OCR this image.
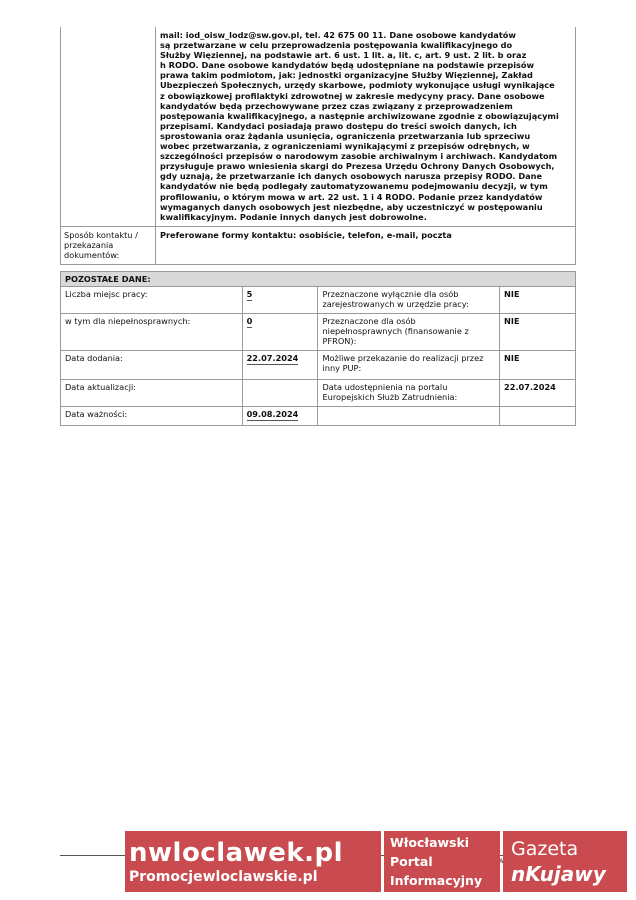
mail: iod_oisw_lodz@sw.gov.pl, tel. 42 675 00 11. Dane osobowe kandydatów
są przetwarzane w celu przeprowadzenia postępowania kwalifikacyjnego do
Służby Więziennej, na podstawie art. 6 ust. 1 lit. a, lit. c, art. 9 ust. 2 lit. b oraz
h RODO. Dane osobowe kandydatów będą udostępniane na podstawie przepisów
prawa takim podmiotom, jak: jednostki organizacyjne Służby Więziennej, Zakład
Ubezpieczeń Społecznych, urzędy skarbowe, podmioty wykonujące usługi wynikające
z obowiązkowej profilaktyki zdrowotnej w zakresie medycyny pracy. Dane osobowe
kandydatów będą przechowywane przez czas związany z przeprowadzeniem
postępowania kwalifikacyjnego, a następnie archiwizowane zgodnie z obowiązującymi
przepisami. Kandydaci posiadają prawo dostępu do treści swoich danych, ich
sprostowania oraz żądania usunięcia, ograniczenia przetwarzania lub sprzeciwu
wobec przetwarzania, z ograniczeniami wynikającymi z przepisów odrębnych, w
szczególności przepisów o narodowym zasobie archiwalnym i archiwach. Kandydatom
przysługuje prawo wniesienia skargi do Prezesa Urzędu Ochrony Danych Osobowych,
gdy uznają, że przetwarzanie ich danych osobowych narusza przepisy RODO. Dane
kandydatów nie będą podlegały zautomatyzowanemu podejmowaniu decyzji, w tym
profilowaniu, o którym mowa w art. 22 ust. 1 i 4 RODO. Podanie przez kandydatów
wymaganych danych osobowych jest niezbędne, aby uczestniczyć w postępowaniu
kwalifikacyjnym. Podanie innych danych jest dobrowolne.
Sposób kontaktu /
przekazania
dokumentów:
Preferowane formy kontaktu: osobiście, telefon, e-mail, poczta
POZOSTAŁE DANE:
Liczba miejsc pracy:	5	Przeznaczone wyłącznie dla osób
zarejestrowanych w urzędzie pracy:	NIE

w tym dla niepełnosprawnych:	0	Przeznaczone dla osób
niepełnosprawnych (finansowanie z
PFRON):	NIE

Data dodania:	22.07.2024	Możliwe przekazanie do realizacji przez
inny PUP:	NIE

Data aktualizacji:		Data udostępnienia na portalu
Europejskich Służb Zatrudnienia:	22.07.2024

Data ważności:	09.08.2024		
w
nwloclawek.pl
Promocjewloclawskie.pl
Włocławski
Portal
Informacyjny
Gazeta
nKujawy
